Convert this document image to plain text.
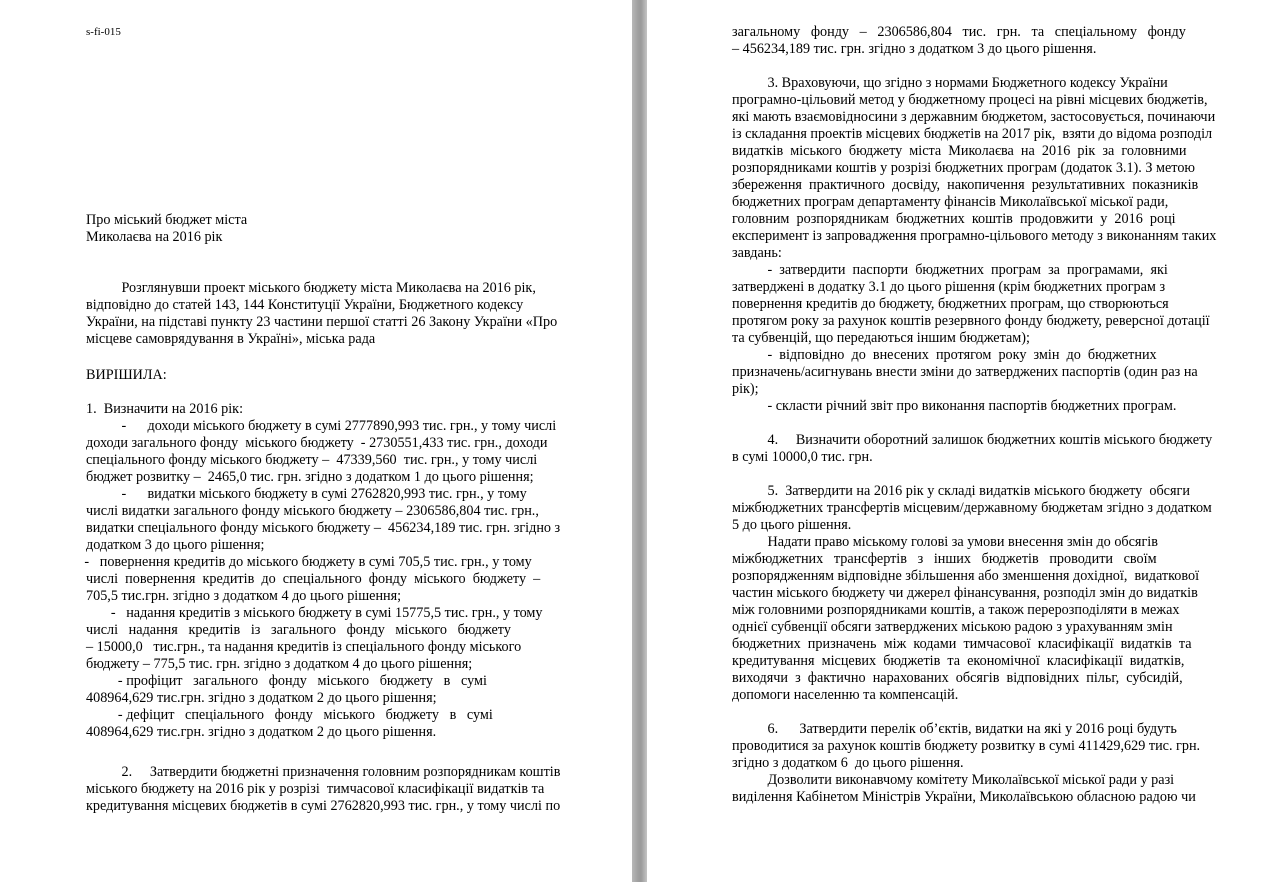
s-fi-015
Про міський бюджет міста
Миколаєва на 2016 рік
Розглянувши проект міського бюджету міста Миколаєва на 2016 рік,
відповідно до статей 143, 144 Конституції України, Бюджетного кодексу
України, на підставі пункту 23 частини першої статті 26 Закону України «Про
місцеве самоврядування в Україні», міська рада
ВИРІШИЛА:
1.  Визначити на 2016 рік:
-      доходи міського бюджету в сумі 2777890,993 тис. грн., у тому числі
доходи загального фонду  міського бюджету  - 2730551,433 тис. грн., доходи
спеціального фонду міського бюджету –  47339,560  тис. грн., у тому числі
бюджет розвитку –  2465,0 тис. грн. згідно з додатком 1 до цього рішення;
-      видатки міського бюджету в сумі 2762820,993 тис. грн., у тому
числі видатки загального фонду міського бюджету – 2306586,804 тис. грн.,
видатки спеціального фонду міського бюджету –  456234,189 тис. грн. згідно з
додатком 3 до цього рішення;
-   повернення кредитів до міського бюджету в сумі 705,5 тис. грн., у тому
числі  повернення  кредитів  до  спеціального  фонду  міського  бюджету  –
705,5 тис.грн. згідно з додатком 4 до цього рішення;
-   надання кредитів з міського бюджету в сумі 15775,5 тис. грн., у тому
числі   надання   кредитів   із   загального   фонду   міського   бюджету
– 15000,0   тис.грн., та надання кредитів із спеціального фонду міського
бюджету – 775,5 тис. грн. згідно з додатком 4 до цього рішення;
- профіцит   загального   фонду   міського   бюджету   в   сумі
408964,629 тис.грн. згідно з додатком 2 до цього рішення;
- дефіцит   спеціального   фонду   міського   бюджету   в   сумі
408964,629 тис.грн. згідно з додатком 2 до цього рішення.
2.     Затвердити бюджетні призначення головним розпорядникам коштів
міського бюджету на 2016 рік у розрізі  тимчасової класифікації видатків та
кредитування місцевих бюджетів в сумі 2762820,993 тис. грн., у тому числі по
загальному   фонду   –   2306586,804   тис.   грн.   та   спеціальному   фонду
– 456234,189 тис. грн. згідно з додатком 3 до цього рішення.
3. Враховуючи, що згідно з нормами Бюджетного кодексу України
програмно-цільовий метод у бюджетному процесі на рівні місцевих бюджетів,
які мають взаємовідносини з державним бюджетом, застосовується, починаючи
із складання проектів місцевих бюджетів на 2017 рік,  взяти до відома розподіл
видатків  міського  бюджету  міста  Миколаєва  на  2016  рік  за  головними
розпорядниками коштів у розрізі бюджетних програм (додаток 3.1). З метою
збереження  практичного  досвіду,  накопичення  результативних  показників
бюджетних програм департаменту фінансів Миколаївської міської ради,
головним  розпорядникам  бюджетних  коштів  продовжити  у  2016  році
експеримент із запровадження програмно-цільового методу з виконанням таких
завдань:
-  затвердити  паспорти  бюджетних  програм  за  програмами,  які
затверджені в додатку 3.1 до цього рішення (крім бюджетних програм з
повернення кредитів до бюджету, бюджетних програм, що створюються
протягом року за рахунок коштів резервного фонду бюджету, реверсної дотації
та субвенцій, що передаються іншим бюджетам);
-  відповідно  до  внесених  протягом  року  змін  до  бюджетних
призначень/асигнувань внести зміни до затверджених паспортів (один раз на
рік);
- скласти річний звіт про виконання паспортів бюджетних програм.
4.     Визначити оборотний залишок бюджетних коштів міського бюджету
в сумі 10000,0 тис. грн.
5.  Затвердити на 2016 рік у складі видатків міського бюджету  обсяги
міжбюджетних трансфертів місцевим/державному бюджетам згідно з додатком
5 до цього рішення.
Надати право міському голові за умови внесення змін до обсягів
міжбюджетних   трансфертів   з   інших   бюджетів   проводити   своїм
розпорядженням відповідне збільшення або зменшення дохідної,  видаткової
частин міського бюджету чи джерел фінансування, розподіл змін до видатків
між головними розпорядниками коштів, а також перерозподіляти в межах
однієї субвенції обсяги затверджених міською радою з урахуванням змін
бюджетних  призначень  між  кодами  тимчасової  класифікації  видатків  та
кредитування  місцевих  бюджетів  та  економічної  класифікації  видатків,
виходячи  з  фактично  нарахованих  обсягів  відповідних  пільг,  субсидій,
допомоги населенню та компенсацій.
6.      Затвердити перелік об’єктів, видатки на які у 2016 році будуть
проводитися за рахунок коштів бюджету розвитку в сумі 411429,629 тис. грн.
згідно з додатком 6  до цього рішення.
Дозволити виконавчому комітету Миколаївської міської ради у разі
виділення Кабінетом Міністрів України, Миколаївською обласною радою чи
